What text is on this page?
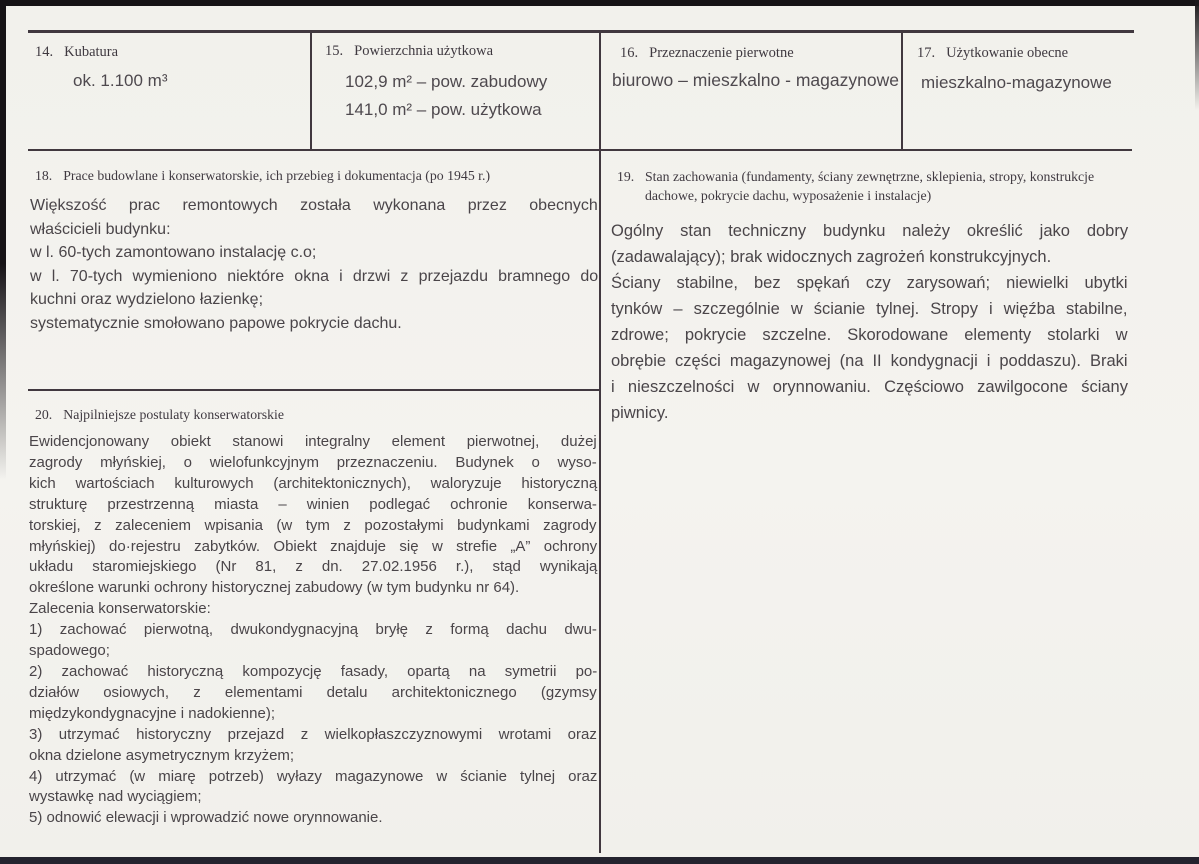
14. Kubatura
ok. 1.100 m³
15. Powierzchnia użytkowa
102,9 m² – pow. zabudowy
141,0 m² – pow. użytkowa
16. Przeznaczenie pierwotne
biurowo – mieszkalno - magazynowe
17. Użytkowanie obecne
mieszkalno-magazynowe
18. Prace budowlane i konserwatorskie, ich przebieg i dokumentacja (po 1945 r.)
Większość prac remontowych została wykonana przez obecnych
właścicieli budynku:
w l. 60-tych zamontowano instalację c.o;
w l. 70-tych wymieniono niektóre okna i drzwi z przejazdu bramnego do
kuchni oraz wydzielono łazienkę;
systematycznie smołowano papowe pokrycie dachu.
19. Stan zachowania (fundamenty, ściany zewnętrzne, sklepienia, stropy, konstrukcje
dachowe, pokrycie dachu, wyposażenie i instalacje)
Ogólny stan techniczny budynku należy określić jako dobry
(zadawalający); brak widocznych zagrożeń konstrukcyjnych.
Ściany stabilne, bez spękań czy zarysowań; niewielki ubytki
tynków – szczególnie w ścianie tylnej. Stropy i więźba stabilne,
zdrowe; pokrycie szczelne. Skorodowane elementy stolarki w
obrębie części magazynowej (na II kondygnacji i poddaszu). Braki
i nieszczelności w orynnowaniu. Częściowo zawilgocone ściany
piwnicy.
20. Najpilniejsze postulaty konserwatorskie
Ewidencjonowany obiekt stanowi integralny element pierwotnej, dużej
zagrody młyńskiej, o wielofunkcyjnym przeznaczeniu. Budynek o wyso-
kich wartościach kulturowych (architektonicznych), waloryzuje historyczną
strukturę przestrzenną miasta – winien podlegać ochronie konserwa-
torskiej, z zaleceniem wpisania (w tym z pozostałymi budynkami zagrody
młyńskiej) do·rejestru zabytków. Obiekt znajduje się w strefie „A” ochrony
układu staromiejskiego (Nr 81, z dn. 27.02.1956 r.), stąd wynikają
określone warunki ochrony historycznej zabudowy (w tym budynku nr 64).
Zalecenia konserwatorskie:
1) zachować pierwotną, dwukondygnacyjną bryłę z formą dachu dwu-
spadowego;
2) zachować historyczną kompozycję fasady, opartą na symetrii po-
działów osiowych, z elementami detalu architektonicznego (gzymsy
międzykondygnacyjne i nadokienne);
3) utrzymać historyczny przejazd z wielkopłaszczyznowymi wrotami oraz
okna dzielone asymetrycznym krzyżem;
4) utrzymać (w miarę potrzeb) wyłazy magazynowe w ścianie tylnej oraz
wystawkę nad wyciągiem;
5) odnowić elewacji i wprowadzić nowe orynnowanie.
